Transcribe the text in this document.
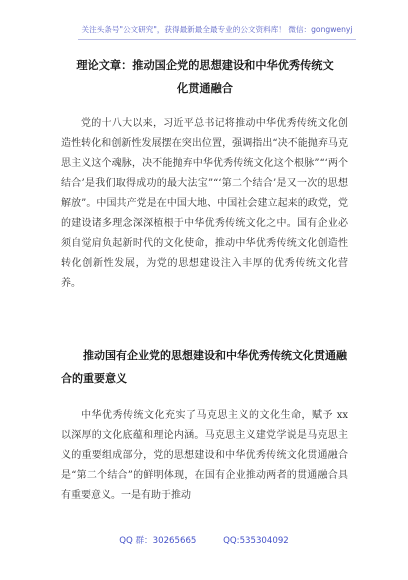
关注头条号"公文研究"，获得最新最全最专业的公文资料库！ 微信：gongwenyj
理论文章：推动国企党的思想建设和中华优秀传统文化贯通融合
党的十八大以来，习近平总书记将推动中华优秀传统文化创造性转化和创新性发展摆在突出位置，强调指出“决不能抛弃马克思主义这个魂脉，决不能抛弃中华优秀传统文化这个根脉”“‘两个结合’是我们取得成功的最大法宝”“‘第二个结合’是又一次的思想解放”。中国共产党是在中国大地、中国社会建立起来的政党，党的建设诸多理念深深植根于中华优秀传统文化之中。国有企业必须自觉肩负起新时代的文化使命，推动中华优秀传统文化创造性转化创新性发展，为党的思想建设注入丰厚的优秀传统文化营养。
推动国有企业党的思想建设和中华优秀传统文化贯通融合的重要意义
中华优秀传统文化充实了马克思主义的文化生命，赋予 xx 以深厚的文化底蕴和理论内涵。马克思主义建党学说是马克思主义的重要组成部分，党的思想建设和中华优秀传统文化贯通融合是“第二个结合”的鲜明体现，在国有企业推动两者的贯通融合具有重要意义。一是有助于推动
QQ 群：30265665	QQ:535304092
